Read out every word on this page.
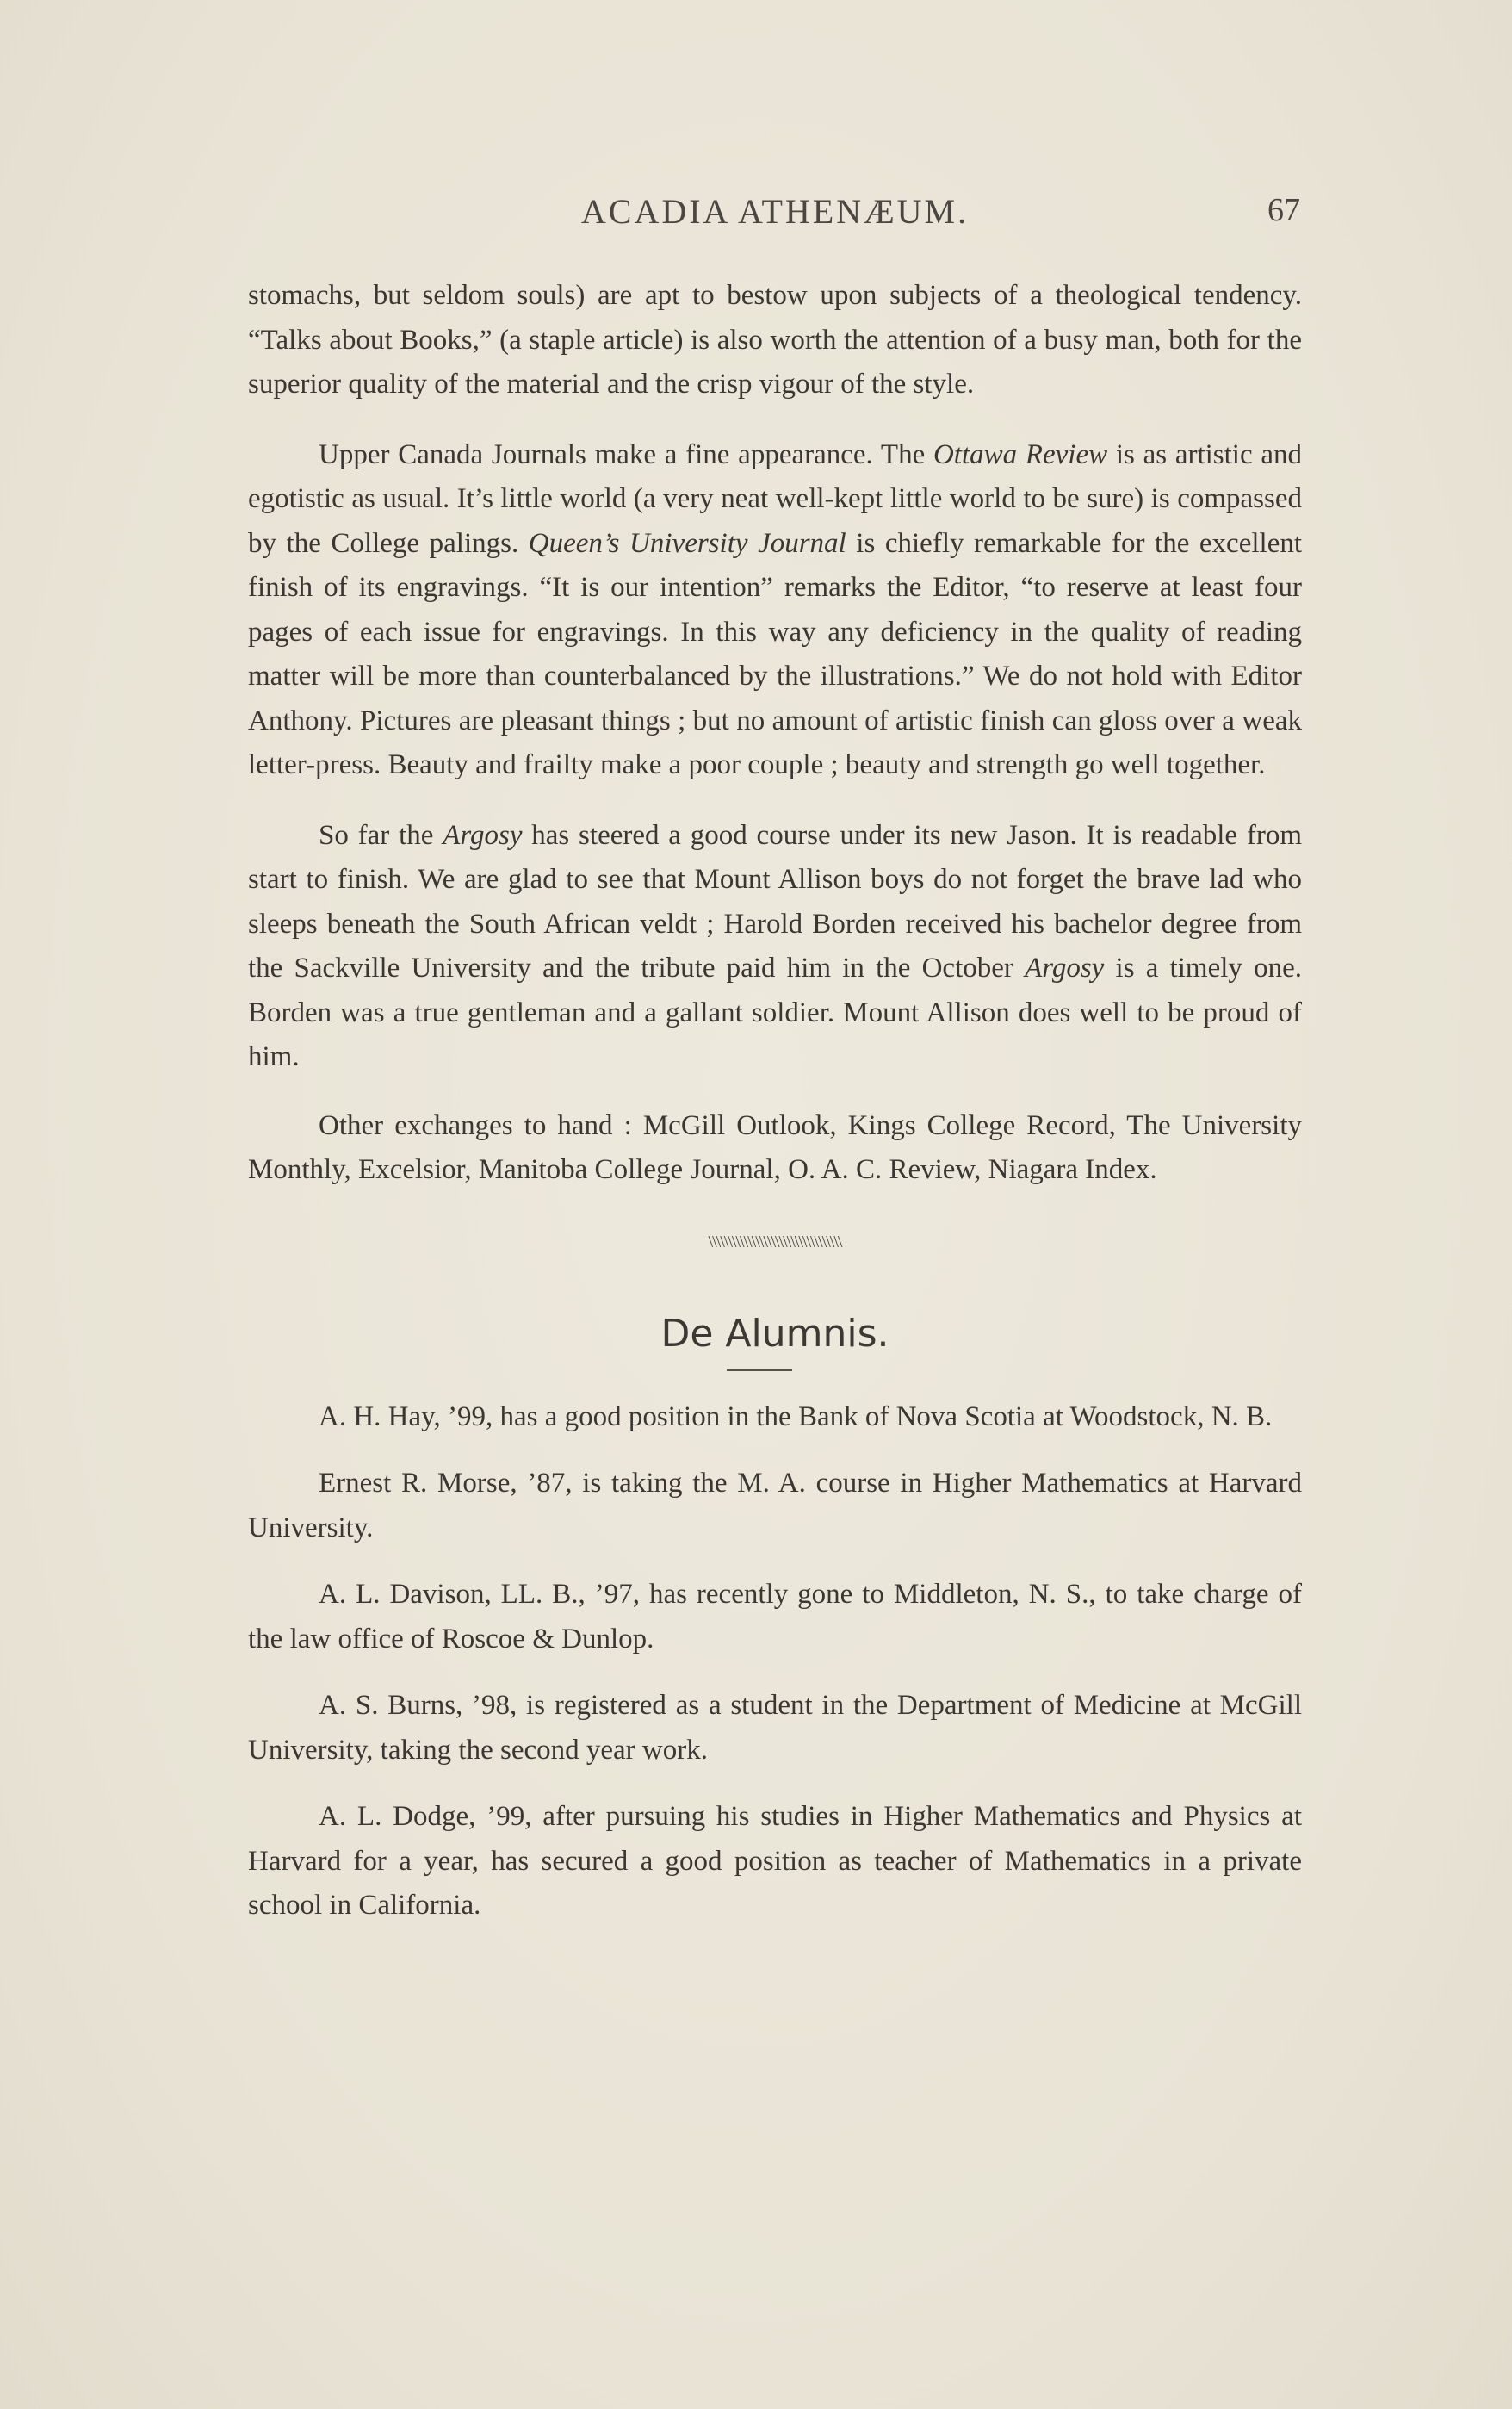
ACADIA ATHENÆUM.	67

stomachs, but seldom souls) are apt to bestow upon subjects of a theological tendency. “Talks about Books,” (a staple article) is also worth the attention of a busy man, both for the superior quality of the material and the crisp vigour of the style.

Upper Canada Journals make a fine appearance. The Ottawa Review is as artistic and egotistic as usual. It’s little world (a very neat well-kept little world to be sure) is compassed by the College palings. Queen’s University Journal is chiefly remarkable for the excellent finish of its engravings. “It is our intention” remarks the Editor, “to reserve at least four pages of each issue for engravings. In this way any deficiency in the quality of reading matter will be more than counterbalanced by the illustrations.” We do not hold with Editor Anthony. Pictures are pleasant things ; but no amount of artistic finish can gloss over a weak letter-press. Beauty and frailty make a poor couple ; beauty and strength go well together.

So far the Argosy has steered a good course under its new Jason. It is readable from start to finish. We are glad to see that Mount Allison boys do not forget the brave lad who sleeps beneath the South African veldt ; Harold Borden received his bachelor degree from the Sackville University and the tribute paid him in the October Argosy is a timely one. Borden was a true gentleman and a gallant soldier. Mount Allison does well to be proud of him.

Other exchanges to hand : McGill Outlook, Kings College Record, The University Monthly, Excelsior, Manitoba College Journal, O. A. C. Review, Niagara Index.

\\\\\\\\\\\\\\\\\\\\\\\\\\\\\\\\\\
De Alumnis.

A. H. Hay, ’99, has a good position in the Bank of Nova Scotia at Woodstock, N. B.

Ernest R. Morse, ’87, is taking the M. A. course in Higher Mathematics at Harvard University.

A. L. Davison, LL. B., ’97, has recently gone to Middleton, N. S., to take charge of the law office of Roscoe & Dunlop.

A. S. Burns, ’98, is registered as a student in the Department of Medicine at McGill University, taking the second year work.

A. L. Dodge, ’99, after pursuing his studies in Higher Mathematics and Physics at Harvard for a year, has secured a good position as teacher of Mathematics in a private school in California.
